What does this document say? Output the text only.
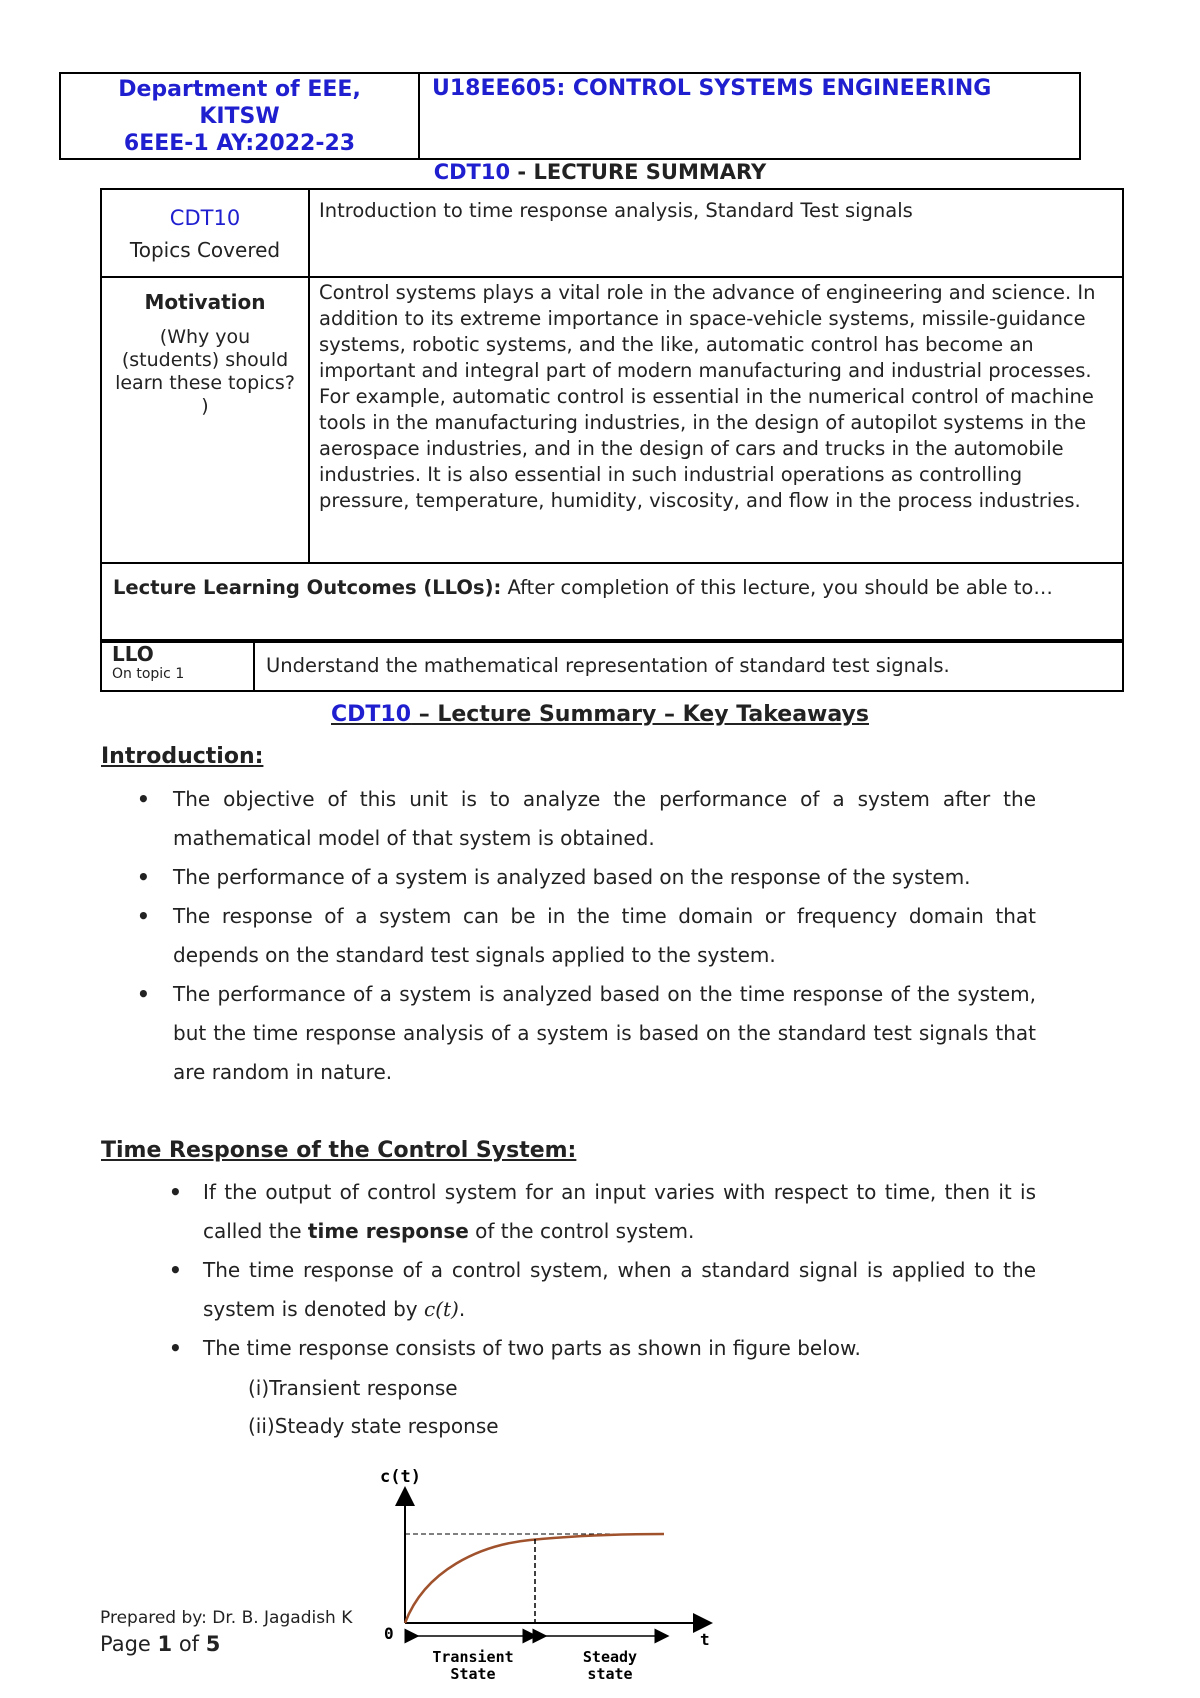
Department of EEE,
KITSW
6EEE-1 AY:2022-23
	U18EE605: CONTROL SYSTEMS ENGINEERING
CDT10 - LECTURE SUMMARY
CDT10
Topics Covered	Introduction to time response analysis, Standard Test signals

Motivation
(Why you (students) should learn these topics? )	Control systems plays a vital role in the advance of engineering and science. In addition to its extreme importance in space-vehicle systems, missile-guidance systems, robotic systems, and the like, automatic control has become an important and integral part of modern manufacturing and industrial processes. For example, automatic control is essential in the numerical control of machine tools in the manufacturing industries, in the design of autopilot systems in the aerospace industries, and in the design of cars and trucks in the automobile industries. It is also essential in such industrial operations as controlling pressure, temperature, humidity, viscosity, and flow in the process industries.
Lecture Learning Outcomes (LLOs): After completion of this lecture, you should be able to…	
LLO
On topic 1	Understand the mathematical representation of standard test signals.
CDT10 – Lecture Summary – Key Takeaways
Introduction:
• The objective of this unit is to analyze the performance of a system after the mathematical model of that system is obtained.
• The performance of a system is analyzed based on the response of the system.
• The response of a system can be in the time domain or frequency domain that depends on the standard test signals applied to the system.
• The performance of a system is analyzed based on the time response of the system, but the time response analysis of a system is based on the standard test signals that are random in nature.
Time Response of the Control System:
• If the output of control system for an input varies with respect to time, then it is called the time response of the control system.
• The time response of a control system, when a standard signal is applied to the system is denoted by c(t).
• The time response consists of two parts as shown in figure below.
(i)Transient response
(ii)Steady state response
c(t)
0	t
Transient
State
Steady
state
Prepared by: Dr. B. Jagadish K
Page 1 of 5
